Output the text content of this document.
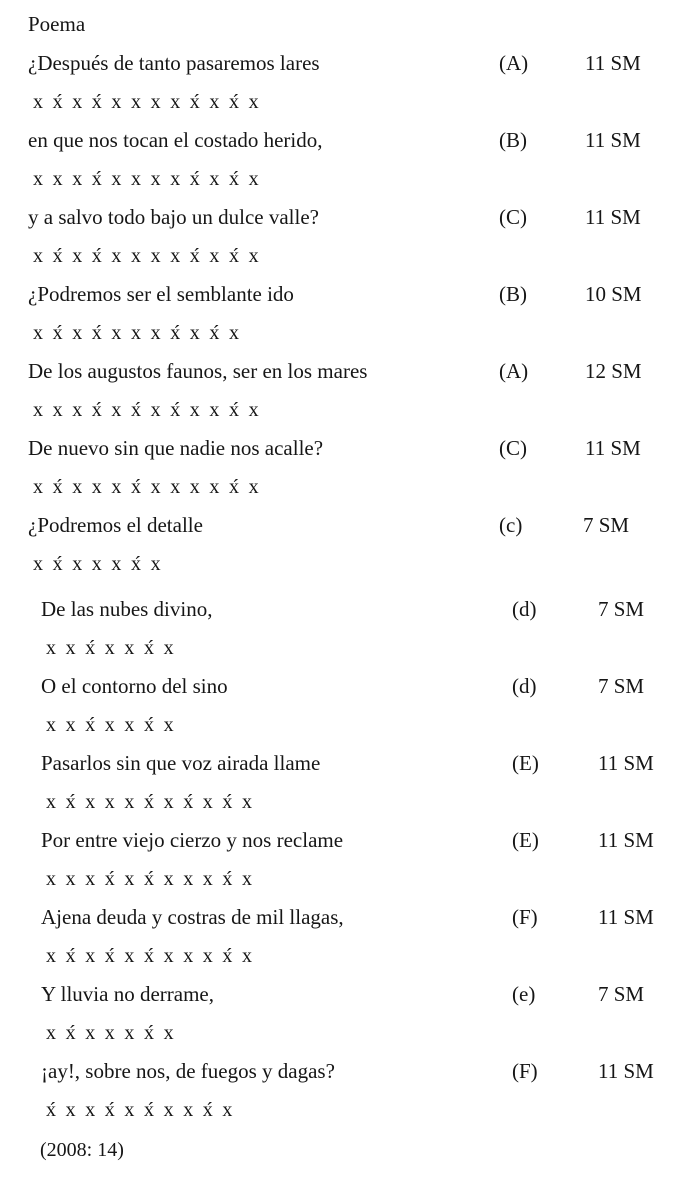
Poema
¿Después de tanto pasaremos lares	(A)	11 SM
x x́ x x́ x x x x x́ x x́ x
en que nos tocan el costado herido,	(B)	11 SM
x x x x́ x x x x x́ x x́ x
y a salvo todo bajo un dulce valle?	(C)	11 SM
x x́ x x́ x x x x x́ x x́ x
¿Podremos ser el semblante ido	(B)	10 SM
x x́ x x́ x x x x́ x x́ x
De los augustos faunos, ser en los mares	(A)	12 SM
x x x x́ x x́ x x́ x x x́ x
De nuevo sin que nadie nos acalle?	(C)	11 SM
x x́ x x x x́ x x x x x́ x
¿Podremos el detalle	(c)	7 SM
x x́ x x x x́ x
De las nubes divino,	(d)	7 SM
x x x́ x x x́ x
O el contorno del sino	(d)	7 SM
x x x́ x x x́ x
Pasarlos sin que voz airada llame	(E)	11 SM
x x́ x x x x́ x x́ x x́ x
Por entre viejo cierzo y nos reclame	(E)	11 SM
x x x x́ x x́ x x x x́ x
Ajena deuda y costras de mil llagas,	(F)	11 SM
x x́ x x́ x x́ x x x x́ x
Y lluvia no derrame,	(e)	7 SM
x x́ x x x x́ x
¡ay!, sobre nos, de fuegos y dagas?	(F)	11 SM
x́ x x x́ x x́ x x x́ x
(2008: 14)
